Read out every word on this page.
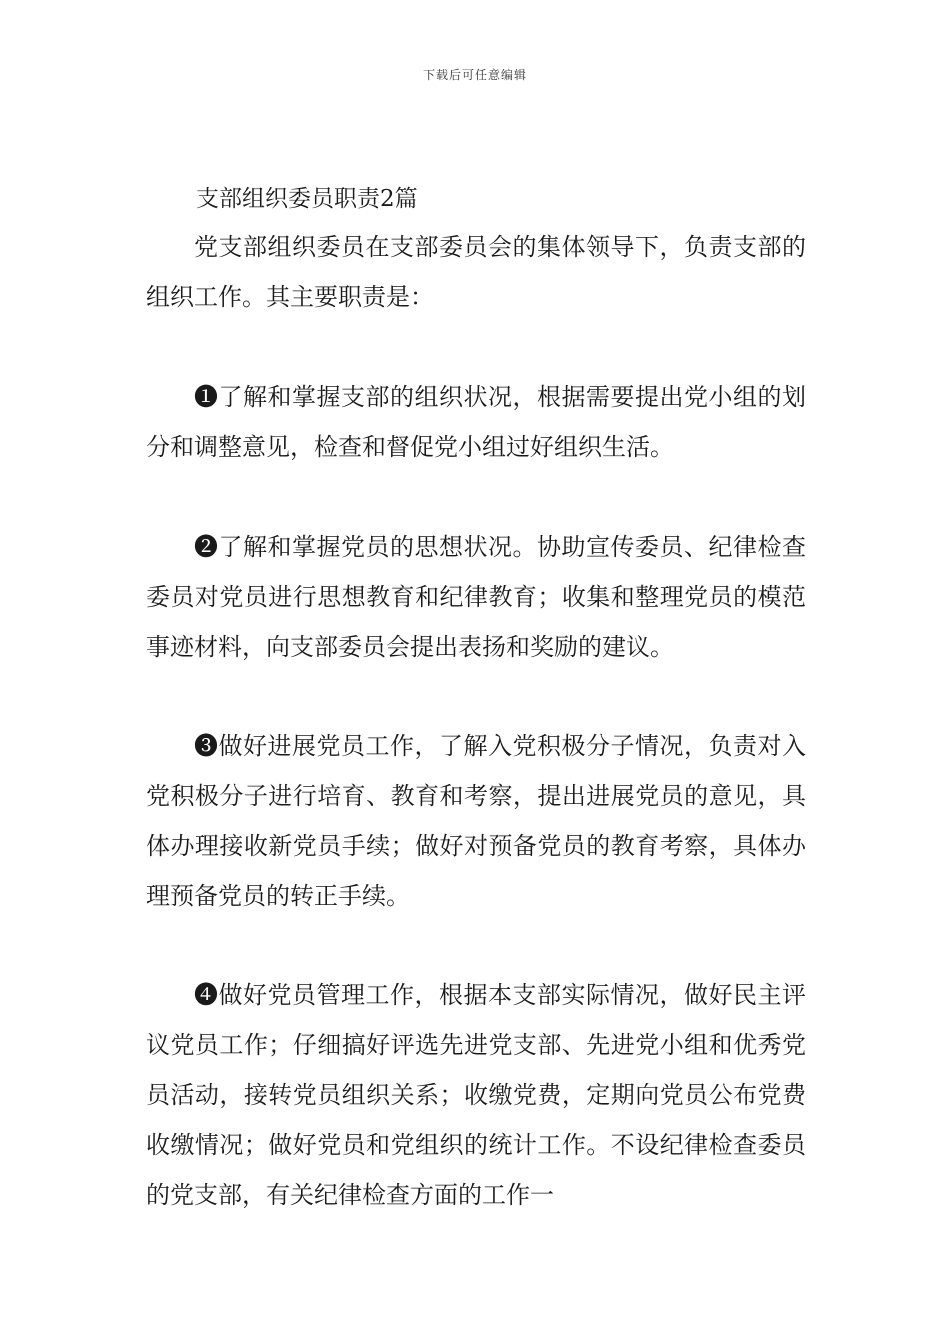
下载后可任意编辑
支部组织委员职责2篇

党支部组织委员在支部委员会的集体领导下，负责支部的组织工作。其主要职责是：

❶了解和掌握支部的组织状况，根据需要提出党小组的划分和调整意见，检查和督促党小组过好组织生活。

❷了解和掌握党员的思想状况。协助宣传委员、纪律检查委员对党员进行思想教育和纪律教育；收集和整理党员的模范事迹材料，向支部委员会提出表扬和奖励的建议。

❸做好进展党员工作，了解入党积极分子情况，负责对入党积极分子进行培育、教育和考察，提出进展党员的意见，具体办理接收新党员手续；做好对预备党员的教育考察，具体办理预备党员的转正手续。

❹做好党员管理工作，根据本支部实际情况，做好民主评议党员工作；仔细搞好评选先进党支部、先进党小组和优秀党员活动，接转党员组织关系；收缴党费，定期向党员公布党费收缴情况；做好党员和党组织的统计工作。不设纪律检查委员的党支部，有关纪律检查方面的工作一
